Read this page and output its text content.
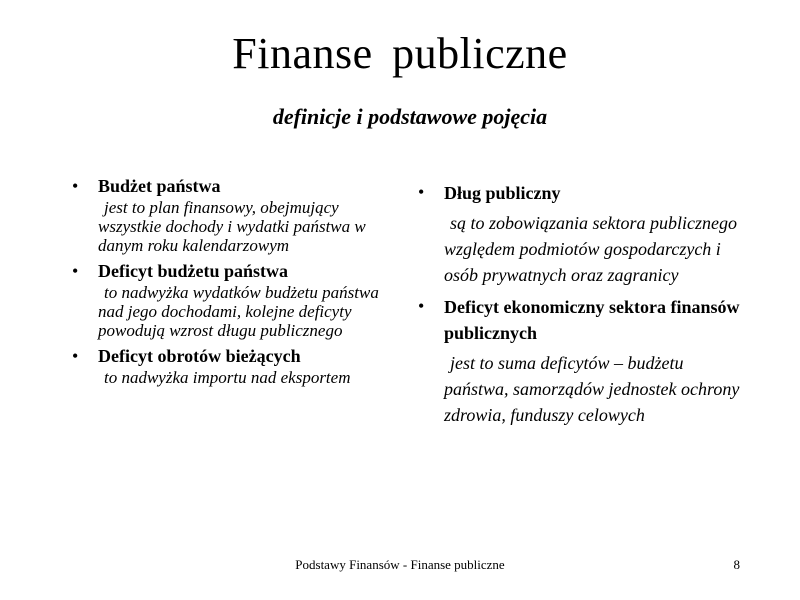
Finanse publiczne
definicje i podstawowe pojęcia
• Budżet państwa
jest to plan finansowy, obejmujący wszystkie dochody i wydatki państwa w danym roku kalendarzowym
• Deficyt budżetu państwa
to nadwyżka wydatków budżetu państwa nad jego dochodami, kolejne deficyty powodują wzrost długu publicznego
• Deficyt obrotów bieżących
to nadwyżka importu nad eksportem
• Dług publiczny
są to zobowiązania sektora publicznego względem podmiotów gospodarczych i osób prywatnych oraz zagranicy
• Deficyt ekonomiczny sektora finansów publicznych
jest to suma deficytów – budżetu państwa, samorządów jednostek ochrony zdrowia, funduszy celowych
Podstawy Finansów - Finanse publiczne	8
